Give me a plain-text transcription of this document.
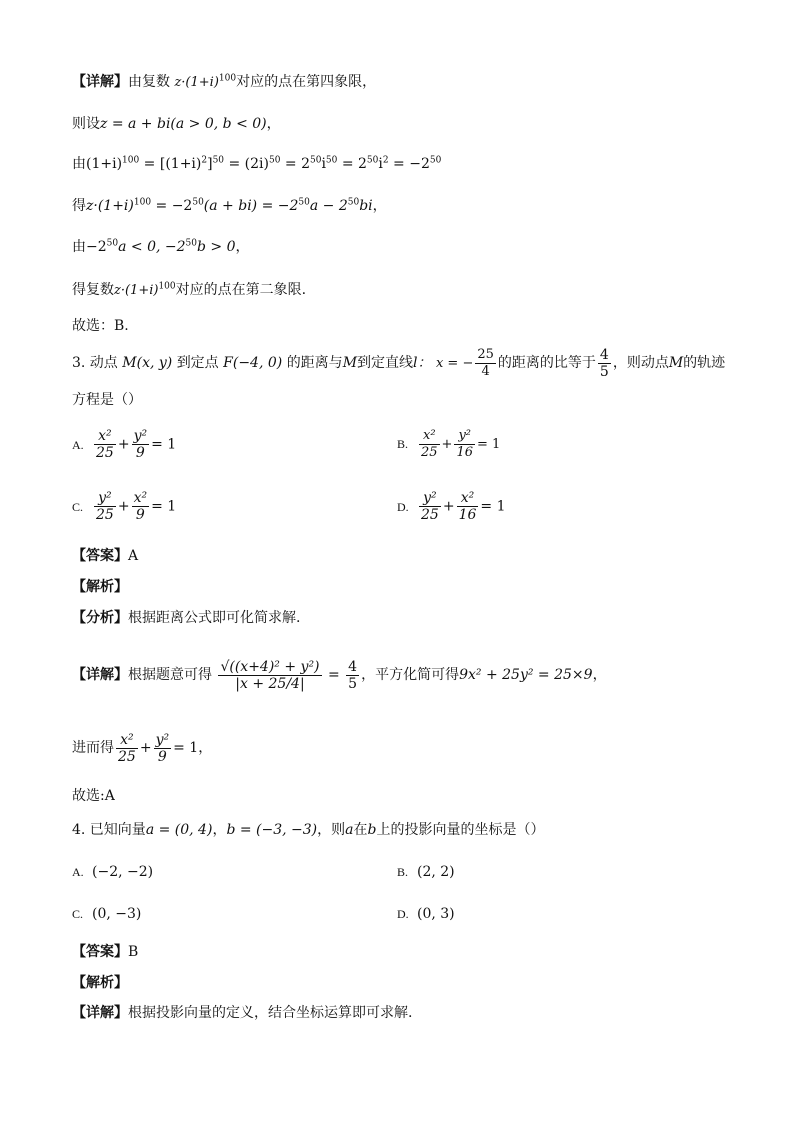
【详解】由复数 $z\cdot(1+i)^{100}$对应的点在第四象限，
则设z = a + bi(a > 0, b < 0)，
由$(1+i)^{100} = [(1+i)^2]^{50} = (2i)^{50} = 2^{50}i^{50} = 2^{50}i^2 = -2^{50}$
得$z\cdot(1+i)^{100} = -2^{50}(a + bi) = -2^{50}a - 2^{50}bi$，
由$-2^{50}a < 0$, $-2^{50}b > 0$，
得复数$z\cdot(1+i)^{100}$对应的点在第二象限.
故选：B.
3. 动点 M(x, y) 到定点 F(−4, 0) 的距离与M到定直线l： x = − $\frac{25}{4}$ 的距离的比等于 $\frac{4}{5}$ ，则动点M的轨迹
方程是（）
A. $\frac{\text{x²}}{25} + \frac{\text{y²}}{9} = 1$	B. $\frac{\text{x²}}{25} + \frac{\text{y²}}{16} = 1$
C. $\frac{\text{y²}}{25} + \frac{\text{x²}}{9} = 1$	D. $\frac{\text{y²}}{25} + \frac{\text{x²}}{16} = 1$
【答案】A
【解析】
【分析】根据距离公式即可化简求解.
【详解】根据题意可得 $\frac{\text{√((x+4)² + y²)}}{|x + 25/4|} = \frac{4}{5}$ ，平方化简可得9x² + 25y² = 25×9，
进而得 $\frac{\text{x²}}{25} + \frac{\text{y²}}{9} = 1$，
故选:A
4. 已知向量a = (0, 4)，b = (−3, −3)，则a在b上的投影向量的坐标是（）
A. (−2, −2)	B. (2, 2)
C. (0, −3)	D. (0, 3)
【答案】B
【解析】
【详解】根据投影向量的定义，结合坐标运算即可求解.
